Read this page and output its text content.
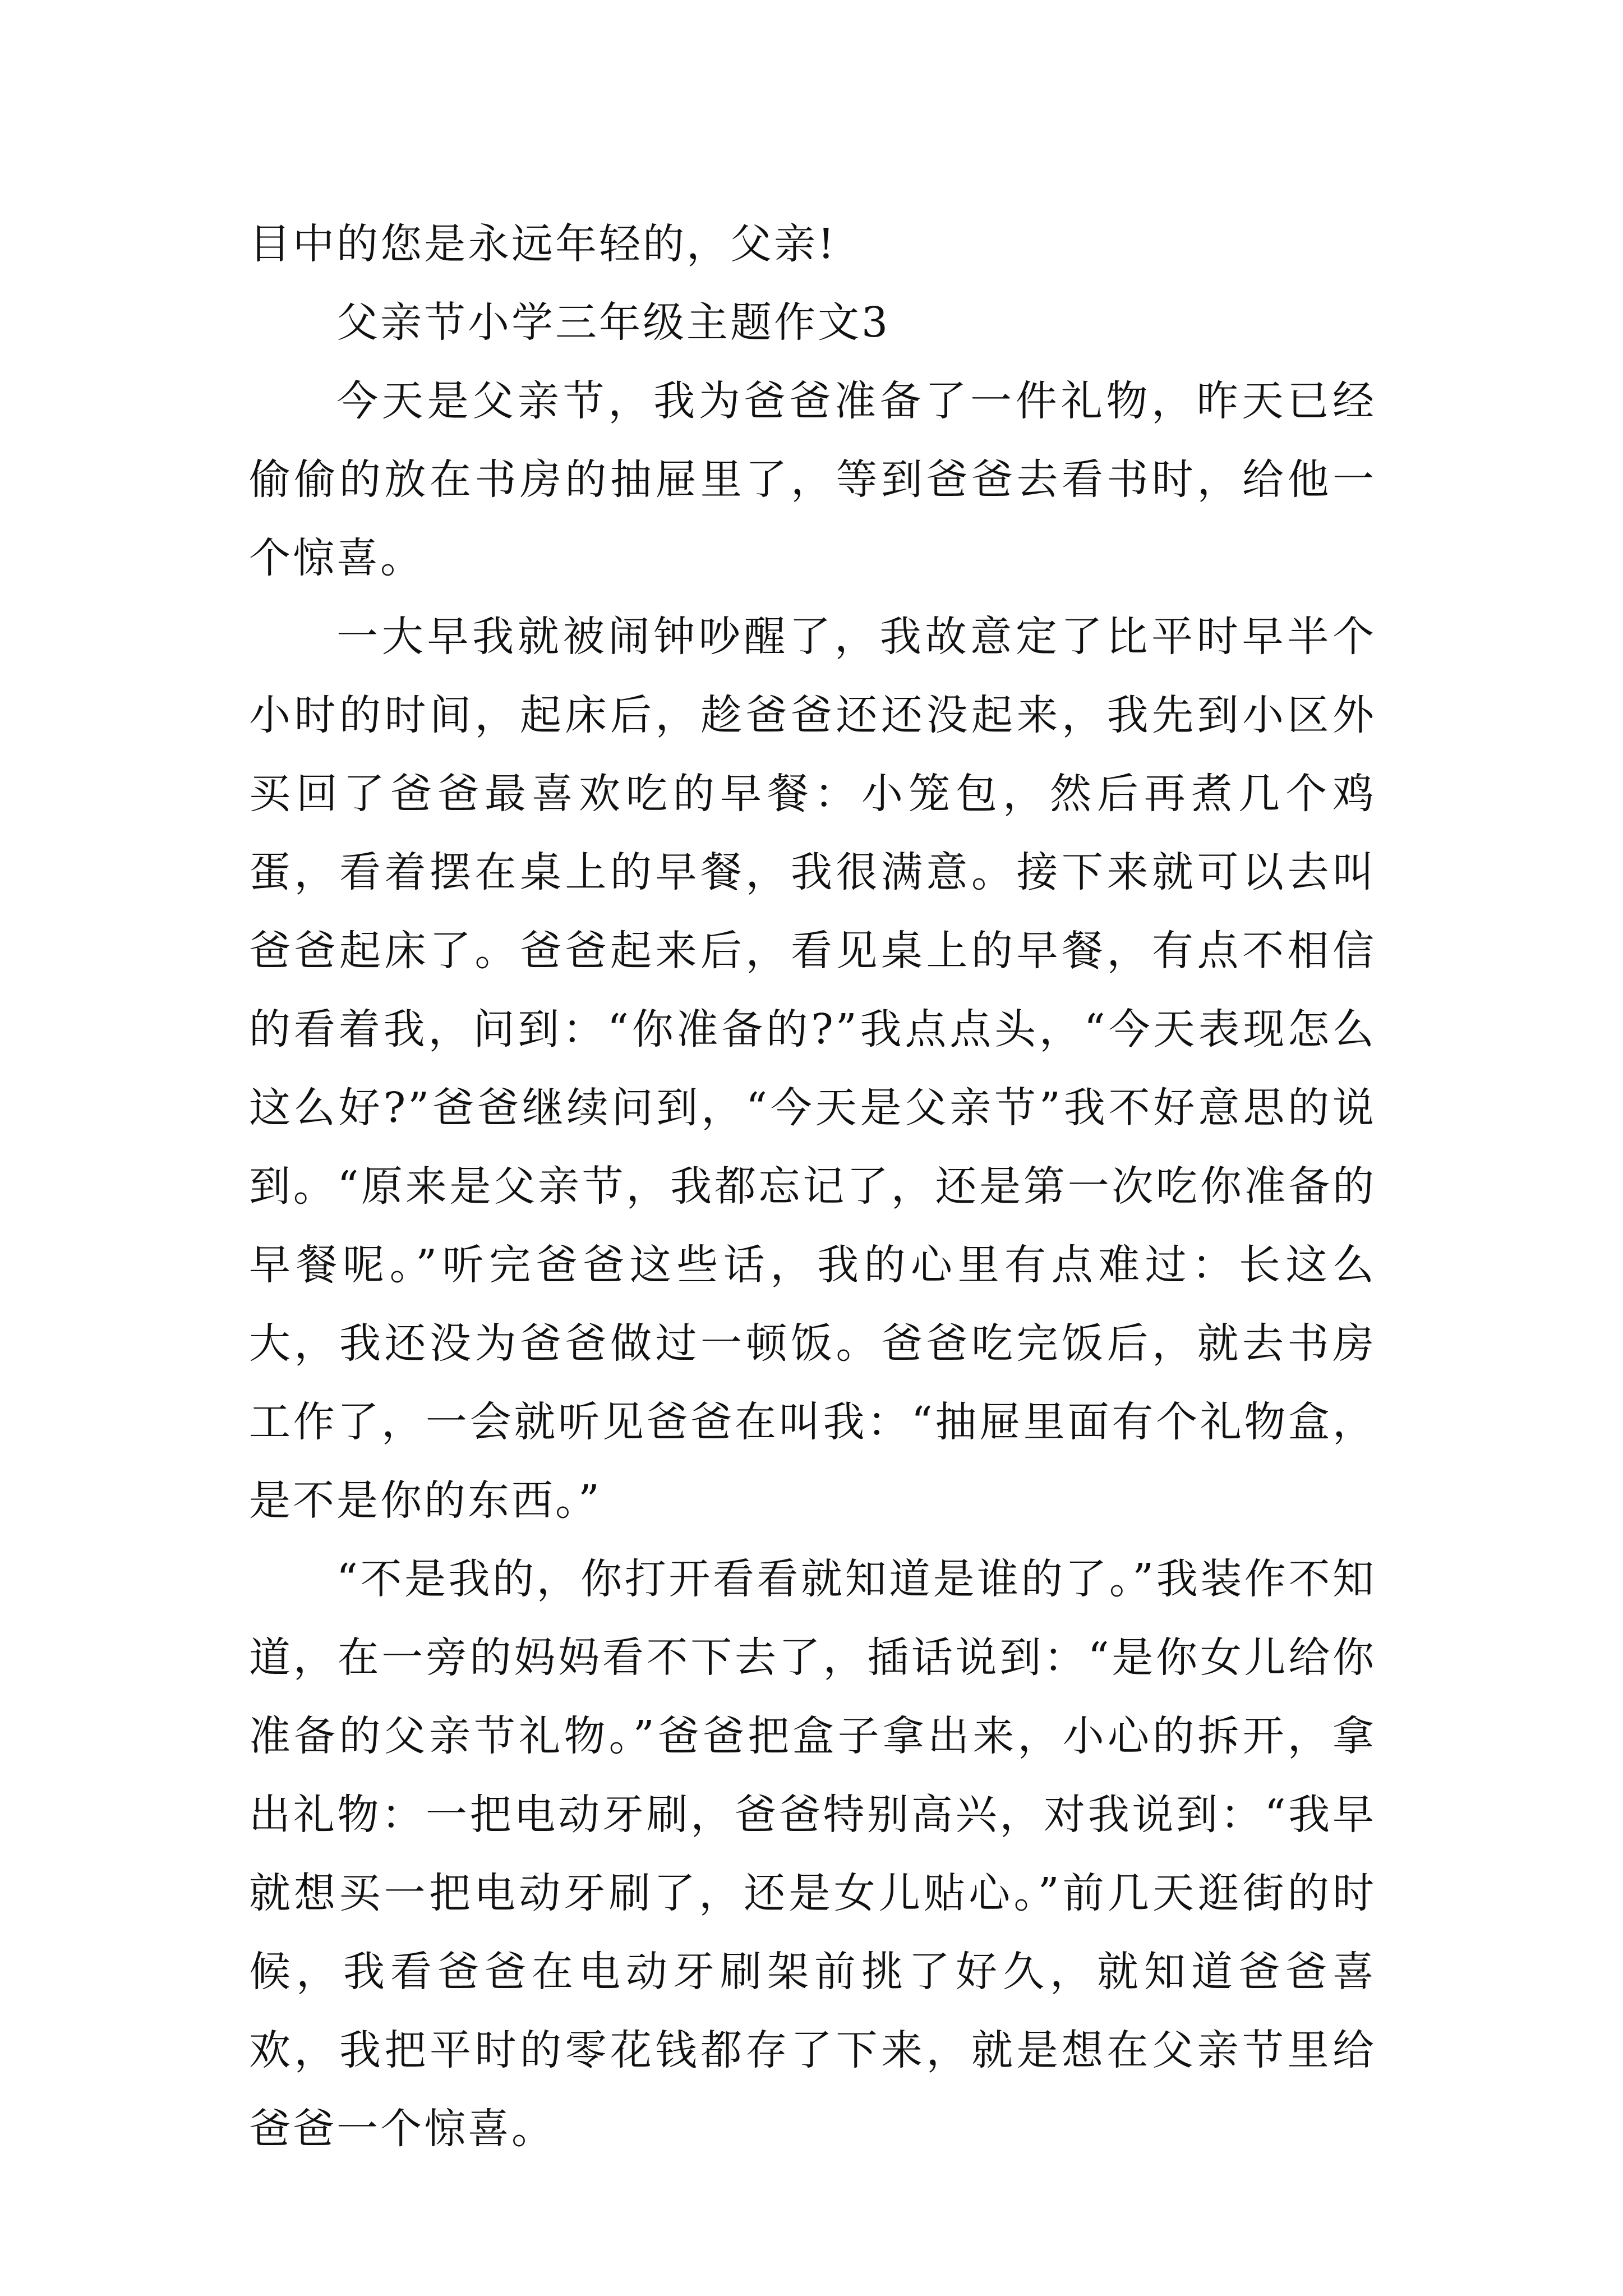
目中的您是永远年轻的，父亲!

父亲节小学三年级主题作文3

今天是父亲节，我为爸爸准备了一件礼物，昨天已经偷偷的放在书房的抽屉里了，等到爸爸去看书时，给他一个惊喜。

一大早我就被闹钟吵醒了，我故意定了比平时早半个小时的时间，起床后，趁爸爸还还没起来，我先到小区外买回了爸爸最喜欢吃的早餐：小笼包，然后再煮几个鸡蛋，看着摆在桌上的早餐，我很满意。接下来就可以去叫爸爸起床了。爸爸起来后，看见桌上的早餐，有点不相信的看着我，问到：“你准备的?”我点点头，“今天表现怎么这么好?”爸爸继续问到，“今天是父亲节”我不好意思的说到。“原来是父亲节，我都忘记了，还是第一次吃你准备的早餐呢。”听完爸爸这些话，我的心里有点难过：长这么大，我还没为爸爸做过一顿饭。爸爸吃完饭后，就去书房工作了，一会就听见爸爸在叫我：“抽屉里面有个礼物盒，是不是你的东西。”

“不是我的，你打开看看就知道是谁的了。”我装作不知道，在一旁的妈妈看不下去了，插话说到：“是你女儿给你准备的父亲节礼物。”爸爸把盒子拿出来，小心的拆开，拿出礼物：一把电动牙刷，爸爸特别高兴，对我说到：“我早就想买一把电动牙刷了，还是女儿贴心。”前几天逛街的时候，我看爸爸在电动牙刷架前挑了好久，就知道爸爸喜欢，我把平时的零花钱都存了下来，就是想在父亲节里给爸爸一个惊喜。
